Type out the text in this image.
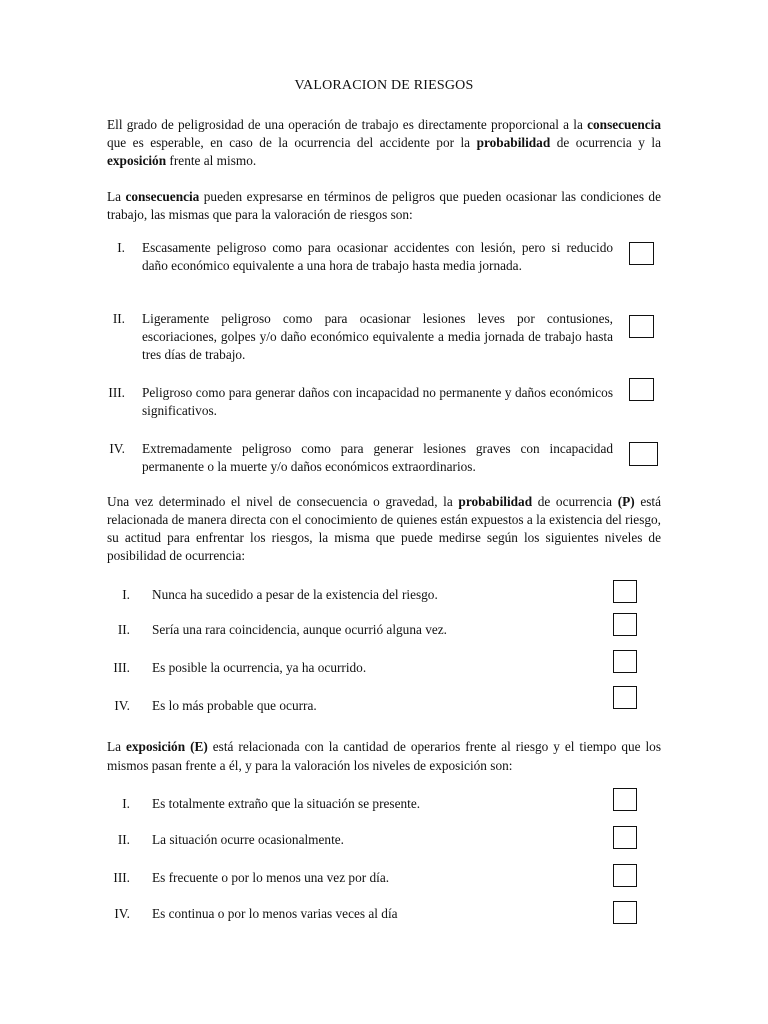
VALORACION DE RIESGOS
Ell grado de peligrosidad de una operación de trabajo es directamente proporcional a la consecuencia que es esperable, en caso de la ocurrencia del accidente por la probabilidad de ocurrencia y la exposición frente al mismo.
La consecuencia pueden expresarse en términos de peligros que pueden ocasionar las condiciones de trabajo, las mismas que para la valoración de riesgos son:
I. Escasamente peligroso como para ocasionar accidentes con lesión, pero si reducido daño económico equivalente a una hora de trabajo hasta media jornada.
II. Ligeramente peligroso como para ocasionar lesiones leves por contusiones, escoriaciones, golpes y/o daño económico equivalente a media jornada de trabajo hasta tres días de trabajo.
III. Peligroso como para generar daños con incapacidad no permanente y daños económicos significativos.
IV. Extremadamente peligroso como para generar lesiones graves con incapacidad permanente o la muerte y/o daños económicos extraordinarios.
Una vez determinado el nivel de consecuencia o gravedad, la probabilidad de ocurrencia (P) está relacionada de manera directa con el conocimiento de quienes están expuestos a la existencia del riesgo, su actitud para enfrentar los riesgos, la misma que puede medirse según los siguientes niveles de posibilidad de ocurrencia:
I. Nunca ha sucedido a pesar de la existencia del riesgo.
II. Sería una rara coincidencia, aunque ocurrió alguna vez.
III. Es posible la ocurrencia, ya ha ocurrido.
IV. Es lo más probable que ocurra.
La exposición (E) está relacionada con la cantidad de operarios frente al riesgo y el tiempo que los mismos pasan frente a él, y para la valoración los niveles de exposición son:
I. Es totalmente extraño que la situación se presente.
II. La situación ocurre ocasionalmente.
III. Es frecuente o por lo menos una vez por día.
IV. Es continua o por lo menos varias veces al día
